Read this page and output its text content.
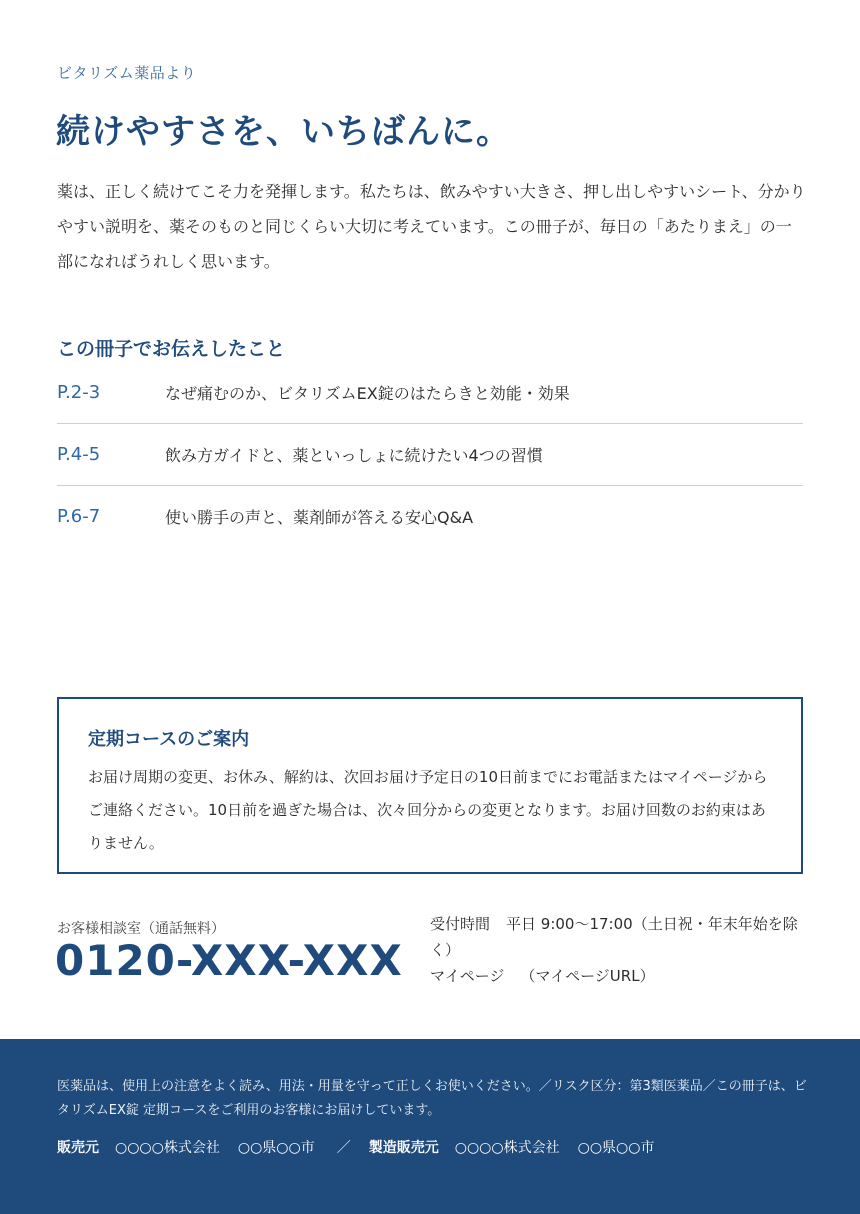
ビタリズム薬品より
続けやすさを、いちばんに。

薬は、正しく続けてこそ力を発揮します。私たちは、飲みやすい大きさ、押し出しやすいシート、分かりやすい説明を、薬そのものと同じくらい大切に考えています。この冊子が、毎日の「あたりまえ」の一部になればうれしく思います。

この冊子でお伝えしたこと
P.2-3	なぜ痛むのか、ビタリズムEX錠のはたらきと効能・効果
P.4-5	飲み方ガイドと、薬といっしょに続けたい4つの習慣
P.6-7	使い勝手の声と、薬剤師が答える安心Q&A
定期コースのご案内

お届け周期の変更、お休み、解約は、次回お届け予定日の10日前までにお電話またはマイページからご連絡ください。10日前を過ぎた場合は、次々回分からの変更となります。お届け回数のお約束はありません。

お客様相談室（通話無料）
0120-XXX-XXX
受付時間 平日 9:00〜17:00（土日祝・年末年始を除く）
マイページ （マイページURL）

医薬品は、使用上の注意をよく読み、用法・用量を守って正しくお使いください。／リスク区分：第3類医薬品／この冊子は、ビタリズムEX錠 定期コースをご利用のお客様にお届けしています。

販売元 ○○○○株式会社 ○○県○○市 ／ 製造販売元 ○○○○株式会社 ○○県○○市
